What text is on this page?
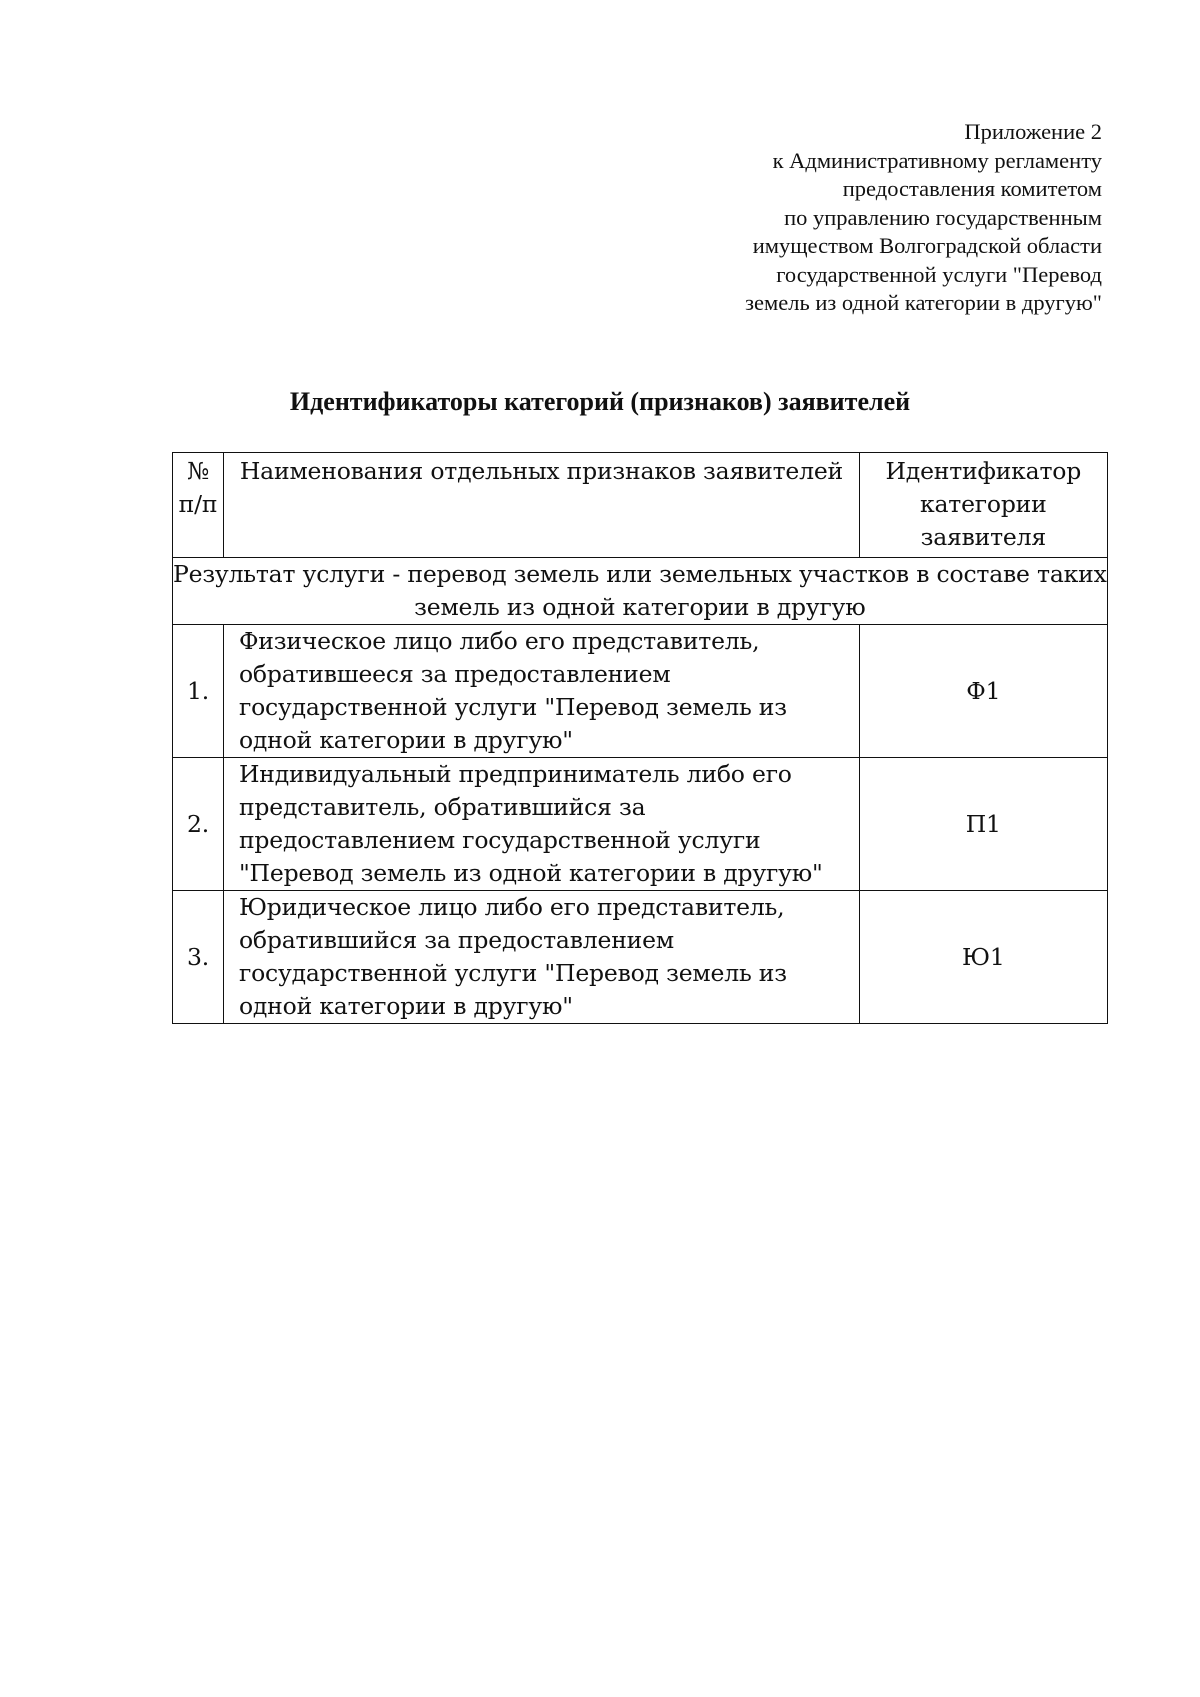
Приложение 2
к Административному регламенту
предоставления комитетом
по управлению государственным
имуществом Волгоградской области
государственной услуги "Перевод
земель из одной категории в другую"
Идентификаторы категорий (признаков) заявителей
№
п/п	Наименования отдельных признаков заявителей	Идентификатор
категории
заявителя

Результат услуги - перевод земель или земельных участков в составе таких
земель из одной категории в другую		

1.	Физическое лицо либо его представитель,
обратившееся за предоставлением
государственной услуги "Перевод земель из
одной категории в другую"	Ф1
2.	Индивидуальный предприниматель либо его
представитель, обратившийся за
предоставлением государственной услуги
"Перевод земель из одной категории в другую"	П1
3.	Юридическое лицо либо его представитель,
обратившийся за предоставлением
государственной услуги "Перевод земель из
одной категории в другую"	Ю1
